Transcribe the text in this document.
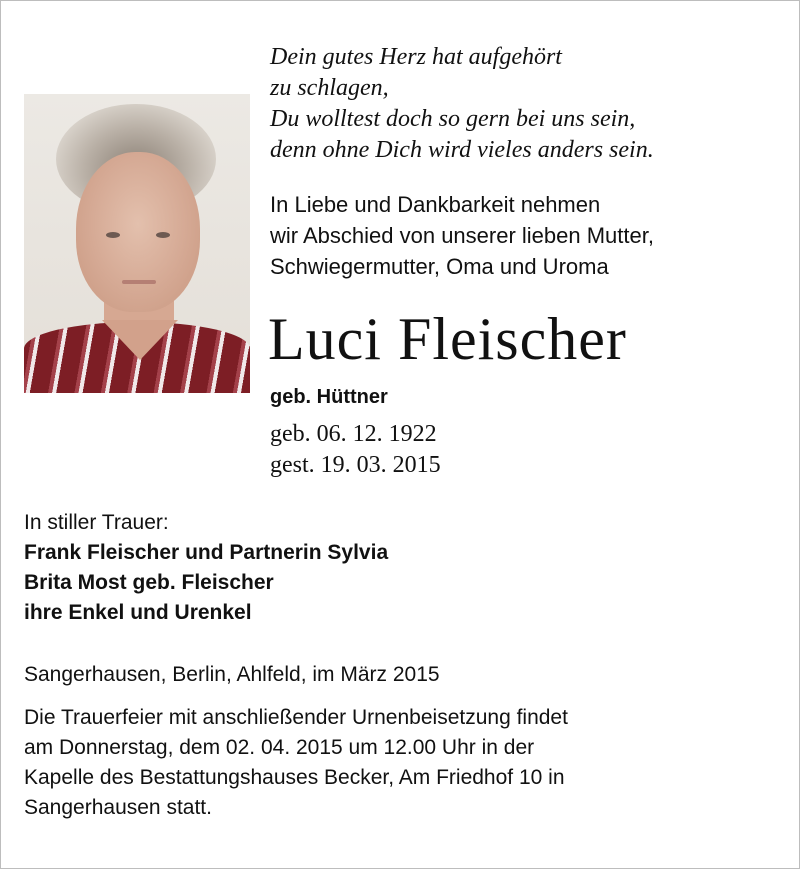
Dein gutes Herz hat aufgehört
zu schlagen,
Du wolltest doch so gern bei uns sein,
denn ohne Dich wird vieles anders sein.
In Liebe und Dankbarkeit nehmen
wir Abschied von unserer lieben Mutter,
Schwiegermutter, Oma und Uroma
Luci Fleischer
geb. Hüttner
geb. 06. 12. 1922
gest. 19. 03. 2015
In stiller Trauer:
Frank Fleischer und Partnerin Sylvia
Brita Most geb. Fleischer
ihre Enkel und Urenkel
Sangerhausen, Berlin, Ahlfeld, im März 2015
Die Trauerfeier mit anschließender Urnenbeisetzung findet
am Donnerstag, dem 02. 04. 2015 um 12.00 Uhr in der
Kapelle des Bestattungshauses Becker, Am Friedhof 10 in
Sangerhausen statt.
